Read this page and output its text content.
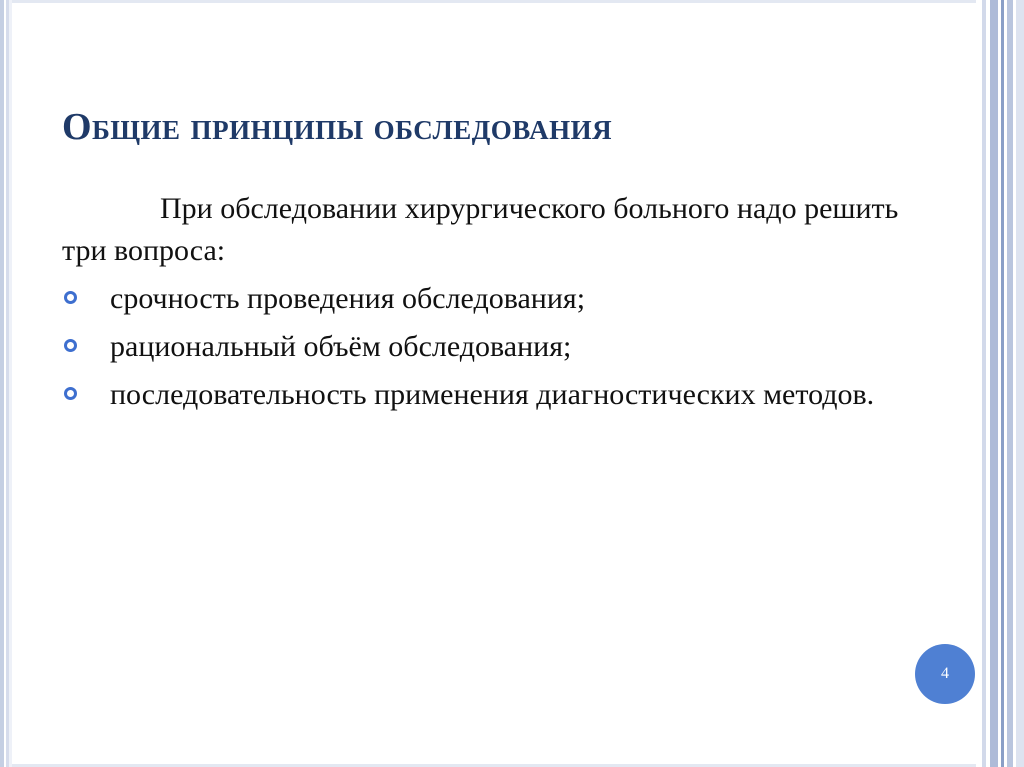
Общие принципы обследования
При обследовании хирургического больного надо решить три вопроса:
срочность проведения обследования;
рациональный объём обследования;
последовательность применения диагностических методов.
4
